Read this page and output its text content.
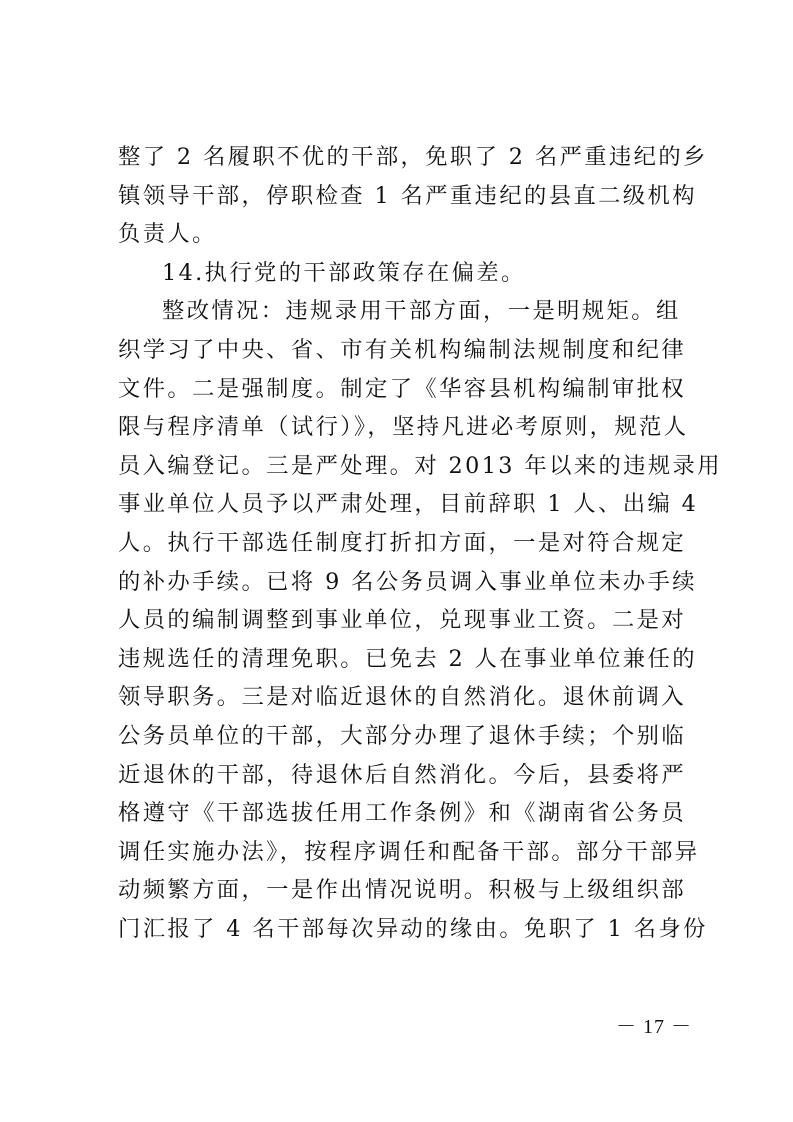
整了 2 名履职不优的干部，免职了 2 名严重违纪的乡
镇领导干部，停职检查 1 名严重违纪的县直二级机构
负责人。
14.执行党的干部政策存在偏差。
整改情况：违规录用干部方面，一是明规矩。组
织学习了中央、省、市有关机构编制法规制度和纪律
文件。二是强制度。制定了《华容县机构编制审批权
限与程序清单（试行）》，坚持凡进必考原则，规范人
员入编登记。三是严处理。对 2013 年以来的违规录用
事业单位人员予以严肃处理，目前辞职 1 人、出编 4
人。执行干部选任制度打折扣方面，一是对符合规定
的补办手续。已将 9 名公务员调入事业单位未办手续
人员的编制调整到事业单位，兑现事业工资。二是对
违规选任的清理免职。已免去 2 人在事业单位兼任的
领导职务。三是对临近退休的自然消化。退休前调入
公务员单位的干部，大部分办理了退休手续；个别临
近退休的干部，待退休后自然消化。今后，县委将严
格遵守《干部选拔任用工作条例》和《湖南省公务员
调任实施办法》，按程序调任和配备干部。部分干部异
动频繁方面，一是作出情况说明。积极与上级组织部
门汇报了 4 名干部每次异动的缘由。免职了 1 名身份
－ 17 －
